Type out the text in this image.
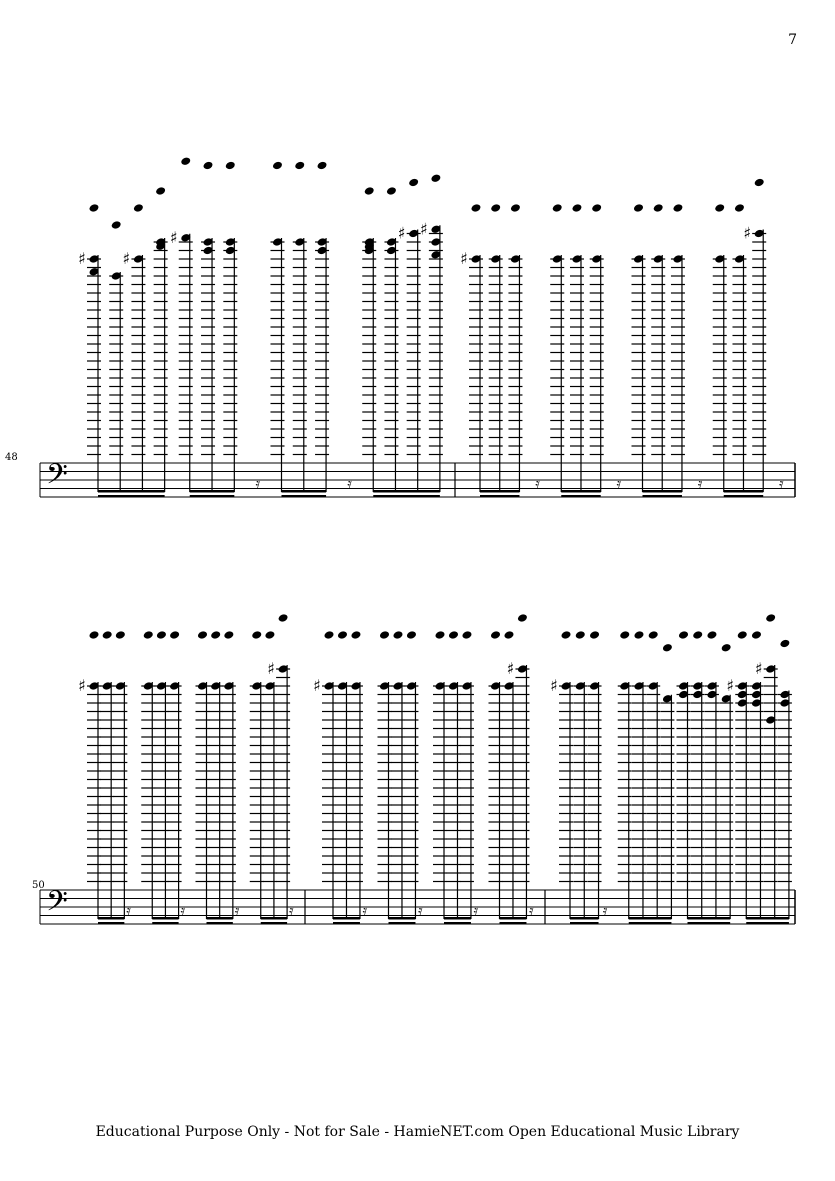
7
48
50
𝄢
𝄢
♯ ♯
♯
𝄿	𝄿
♯ ♯
♯
𝄿	𝄿	𝄿
♯
𝄿
♯
𝄿	𝄿	𝄿
♯
𝄿
♯
𝄿	𝄿	𝄿
♯
𝄿
♯
𝄿
♯
♯
Educational Purpose Only - Not for Sale - HamieNET.com Open Educational Music Library
